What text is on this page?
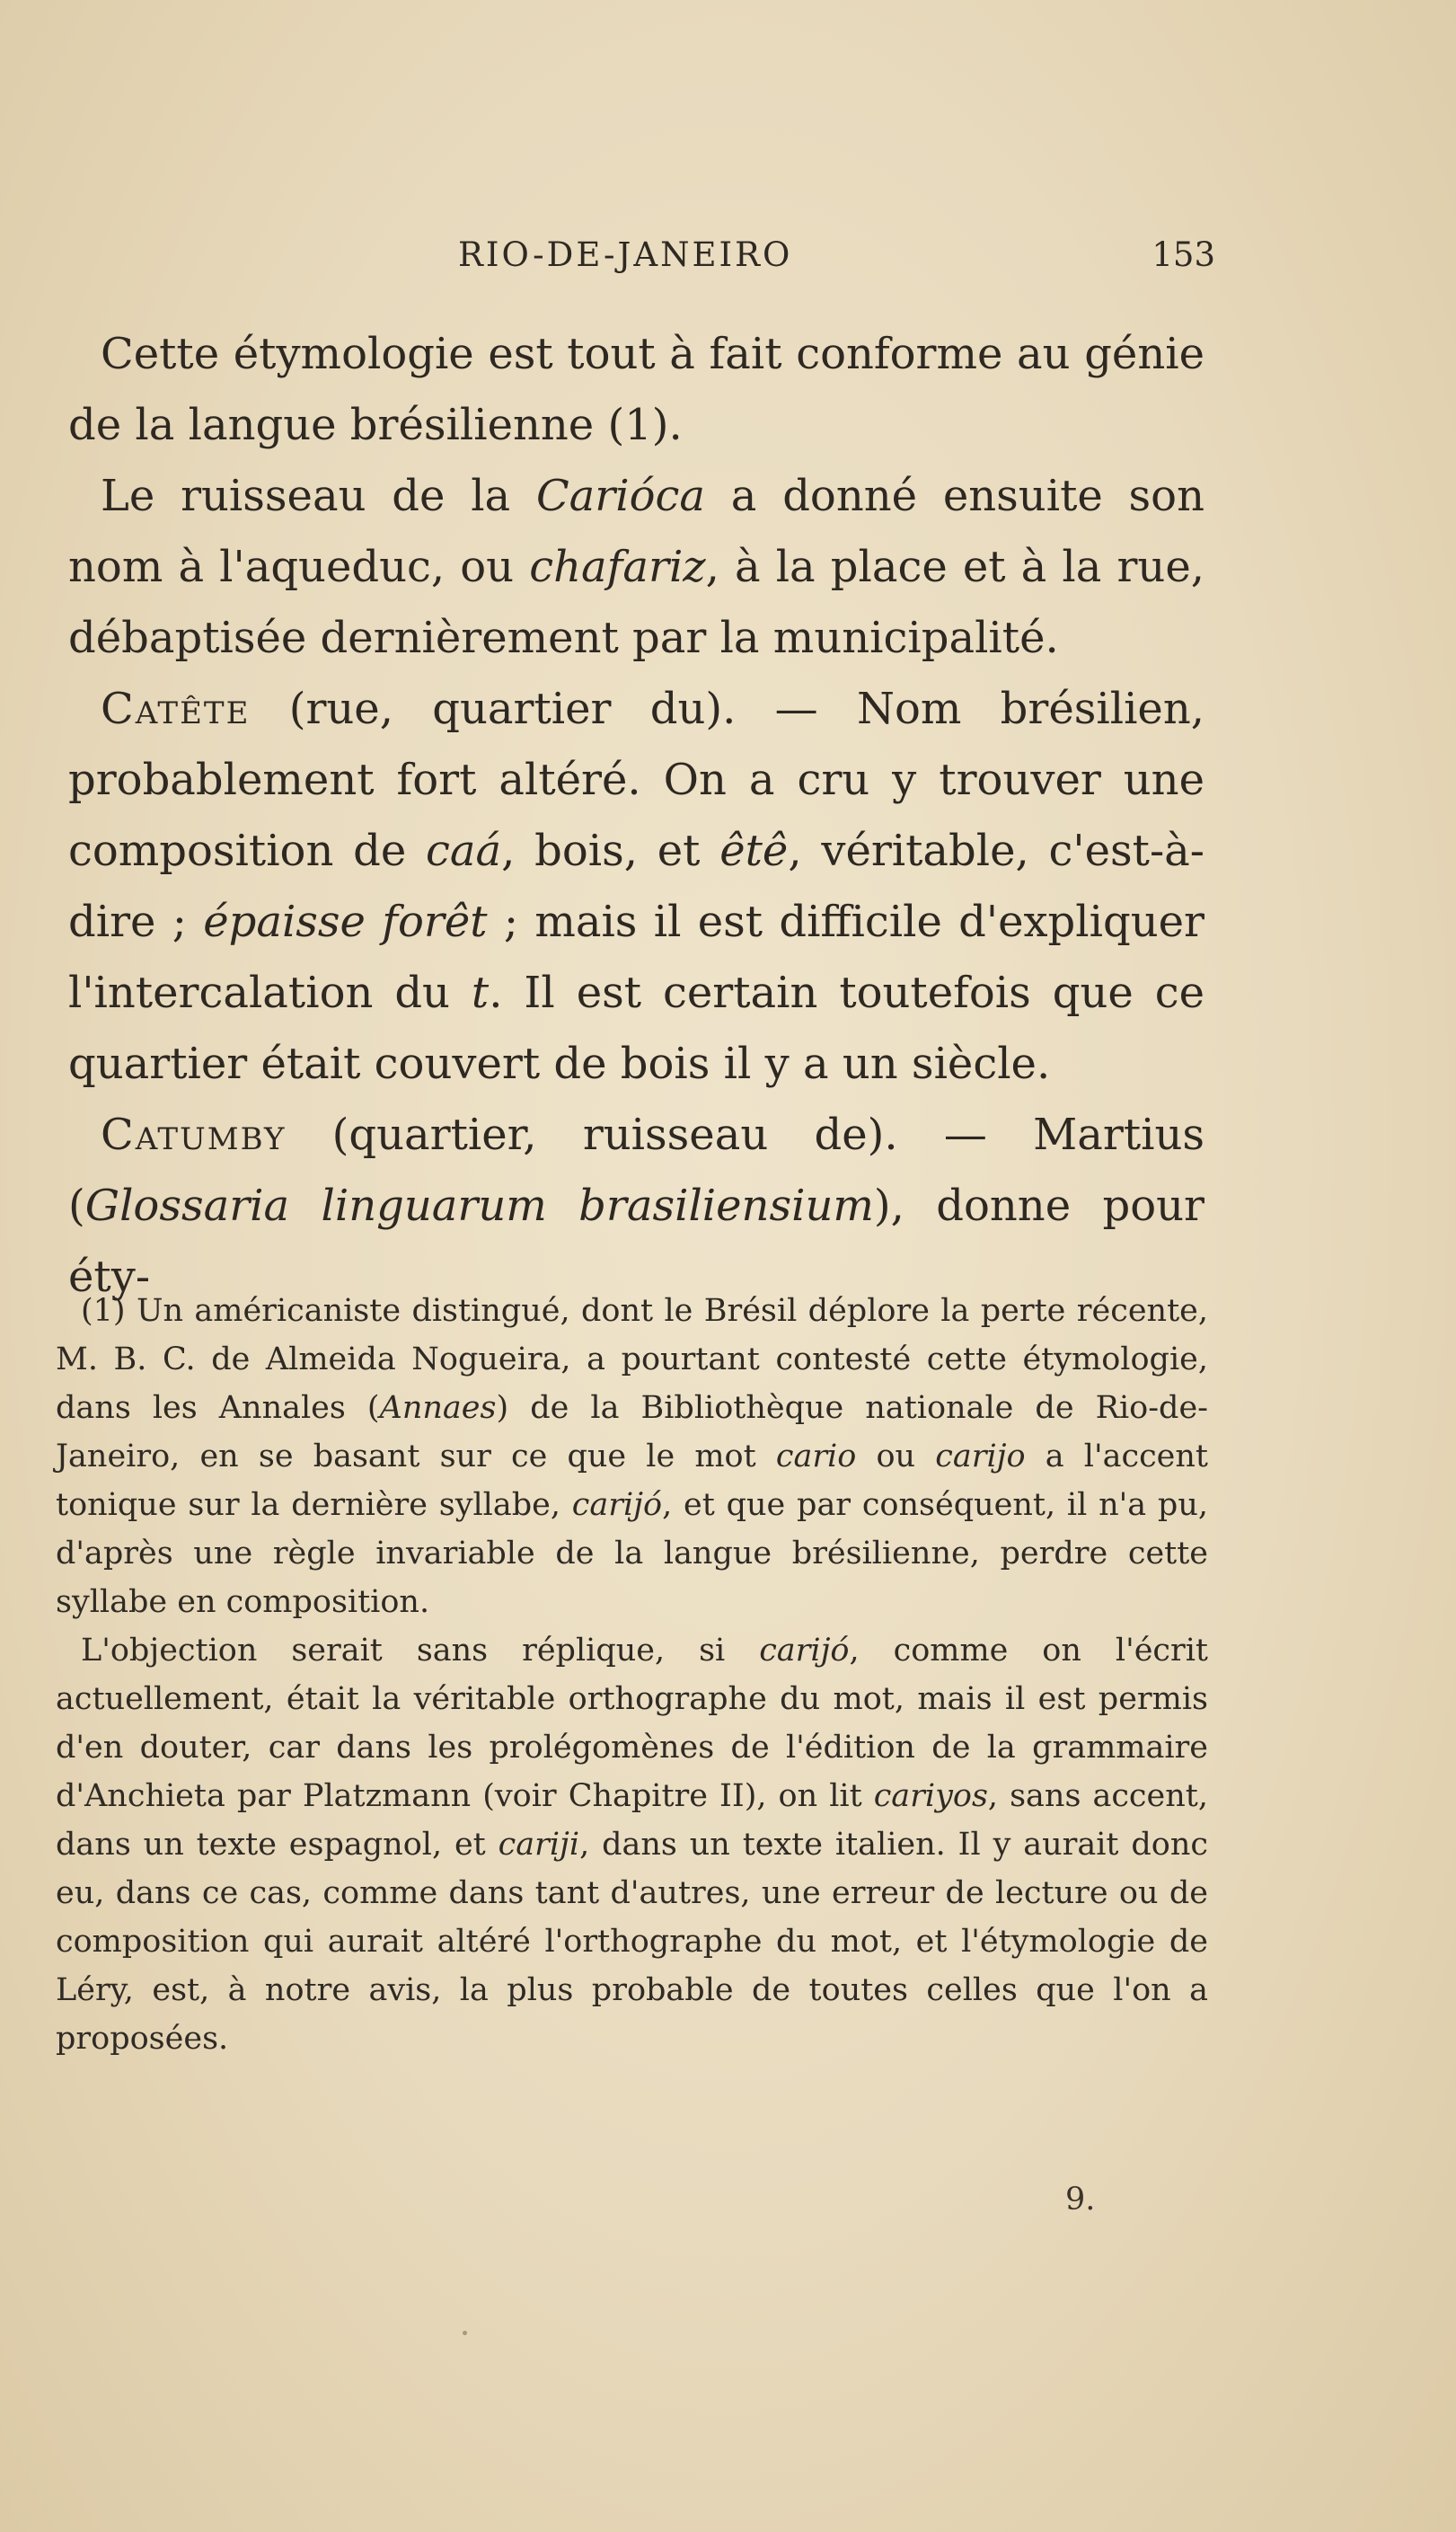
RIO-DE-JANEIRO	153

Cette étymologie est tout à fait conforme au génie de la langue brésilienne (1).

Le ruisseau de la Carióca a donné ensuite son nom à l'aqueduc, ou chafariz, à la place et à la rue, débaptisée dernièrement par la municipalité.

Catête (rue, quartier du). — Nom brésilien, probablement fort altéré. On a cru y trouver une composition de caá, bois, et êtê, véritable, c'est-à-dire ; épaisse forêt ; mais il est difficile d'expliquer l'intercalation du t. Il est certain toutefois que ce quartier était couvert de bois il y a un siècle.

Catumby (quartier, ruisseau de). — Martius (Glossaria linguarum brasiliensium), donne pour éty-

(1) Un américaniste distingué, dont le Brésil déplore la perte récente, M. B. C. de Almeida Nogueira, a pourtant contesté cette étymologie, dans les Annales (Annaes) de la Bibliothèque nationale de Rio-de-Janeiro, en se basant sur ce que le mot cario ou carijo a l'accent tonique sur la dernière syllabe, carijó, et que par conséquent, il n'a pu, d'après une règle invariable de la langue brésilienne, perdre cette syllabe en composition.

L'objection serait sans réplique, si carijó, comme on l'écrit actuellement, était la véritable orthographe du mot, mais il est permis d'en douter, car dans les prolégomènes de l'édition de la grammaire d'Anchieta par Platzmann (voir Chapitre II), on lit cariyos, sans accent, dans un texte espagnol, et cariji, dans un texte italien. Il y aurait donc eu, dans ce cas, comme dans tant d'autres, une erreur de lecture ou de composition qui aurait altéré l'orthographe du mot, et l'étymologie de Léry, est, à notre avis, la plus probable de toutes celles que l'on a proposées.

9.
